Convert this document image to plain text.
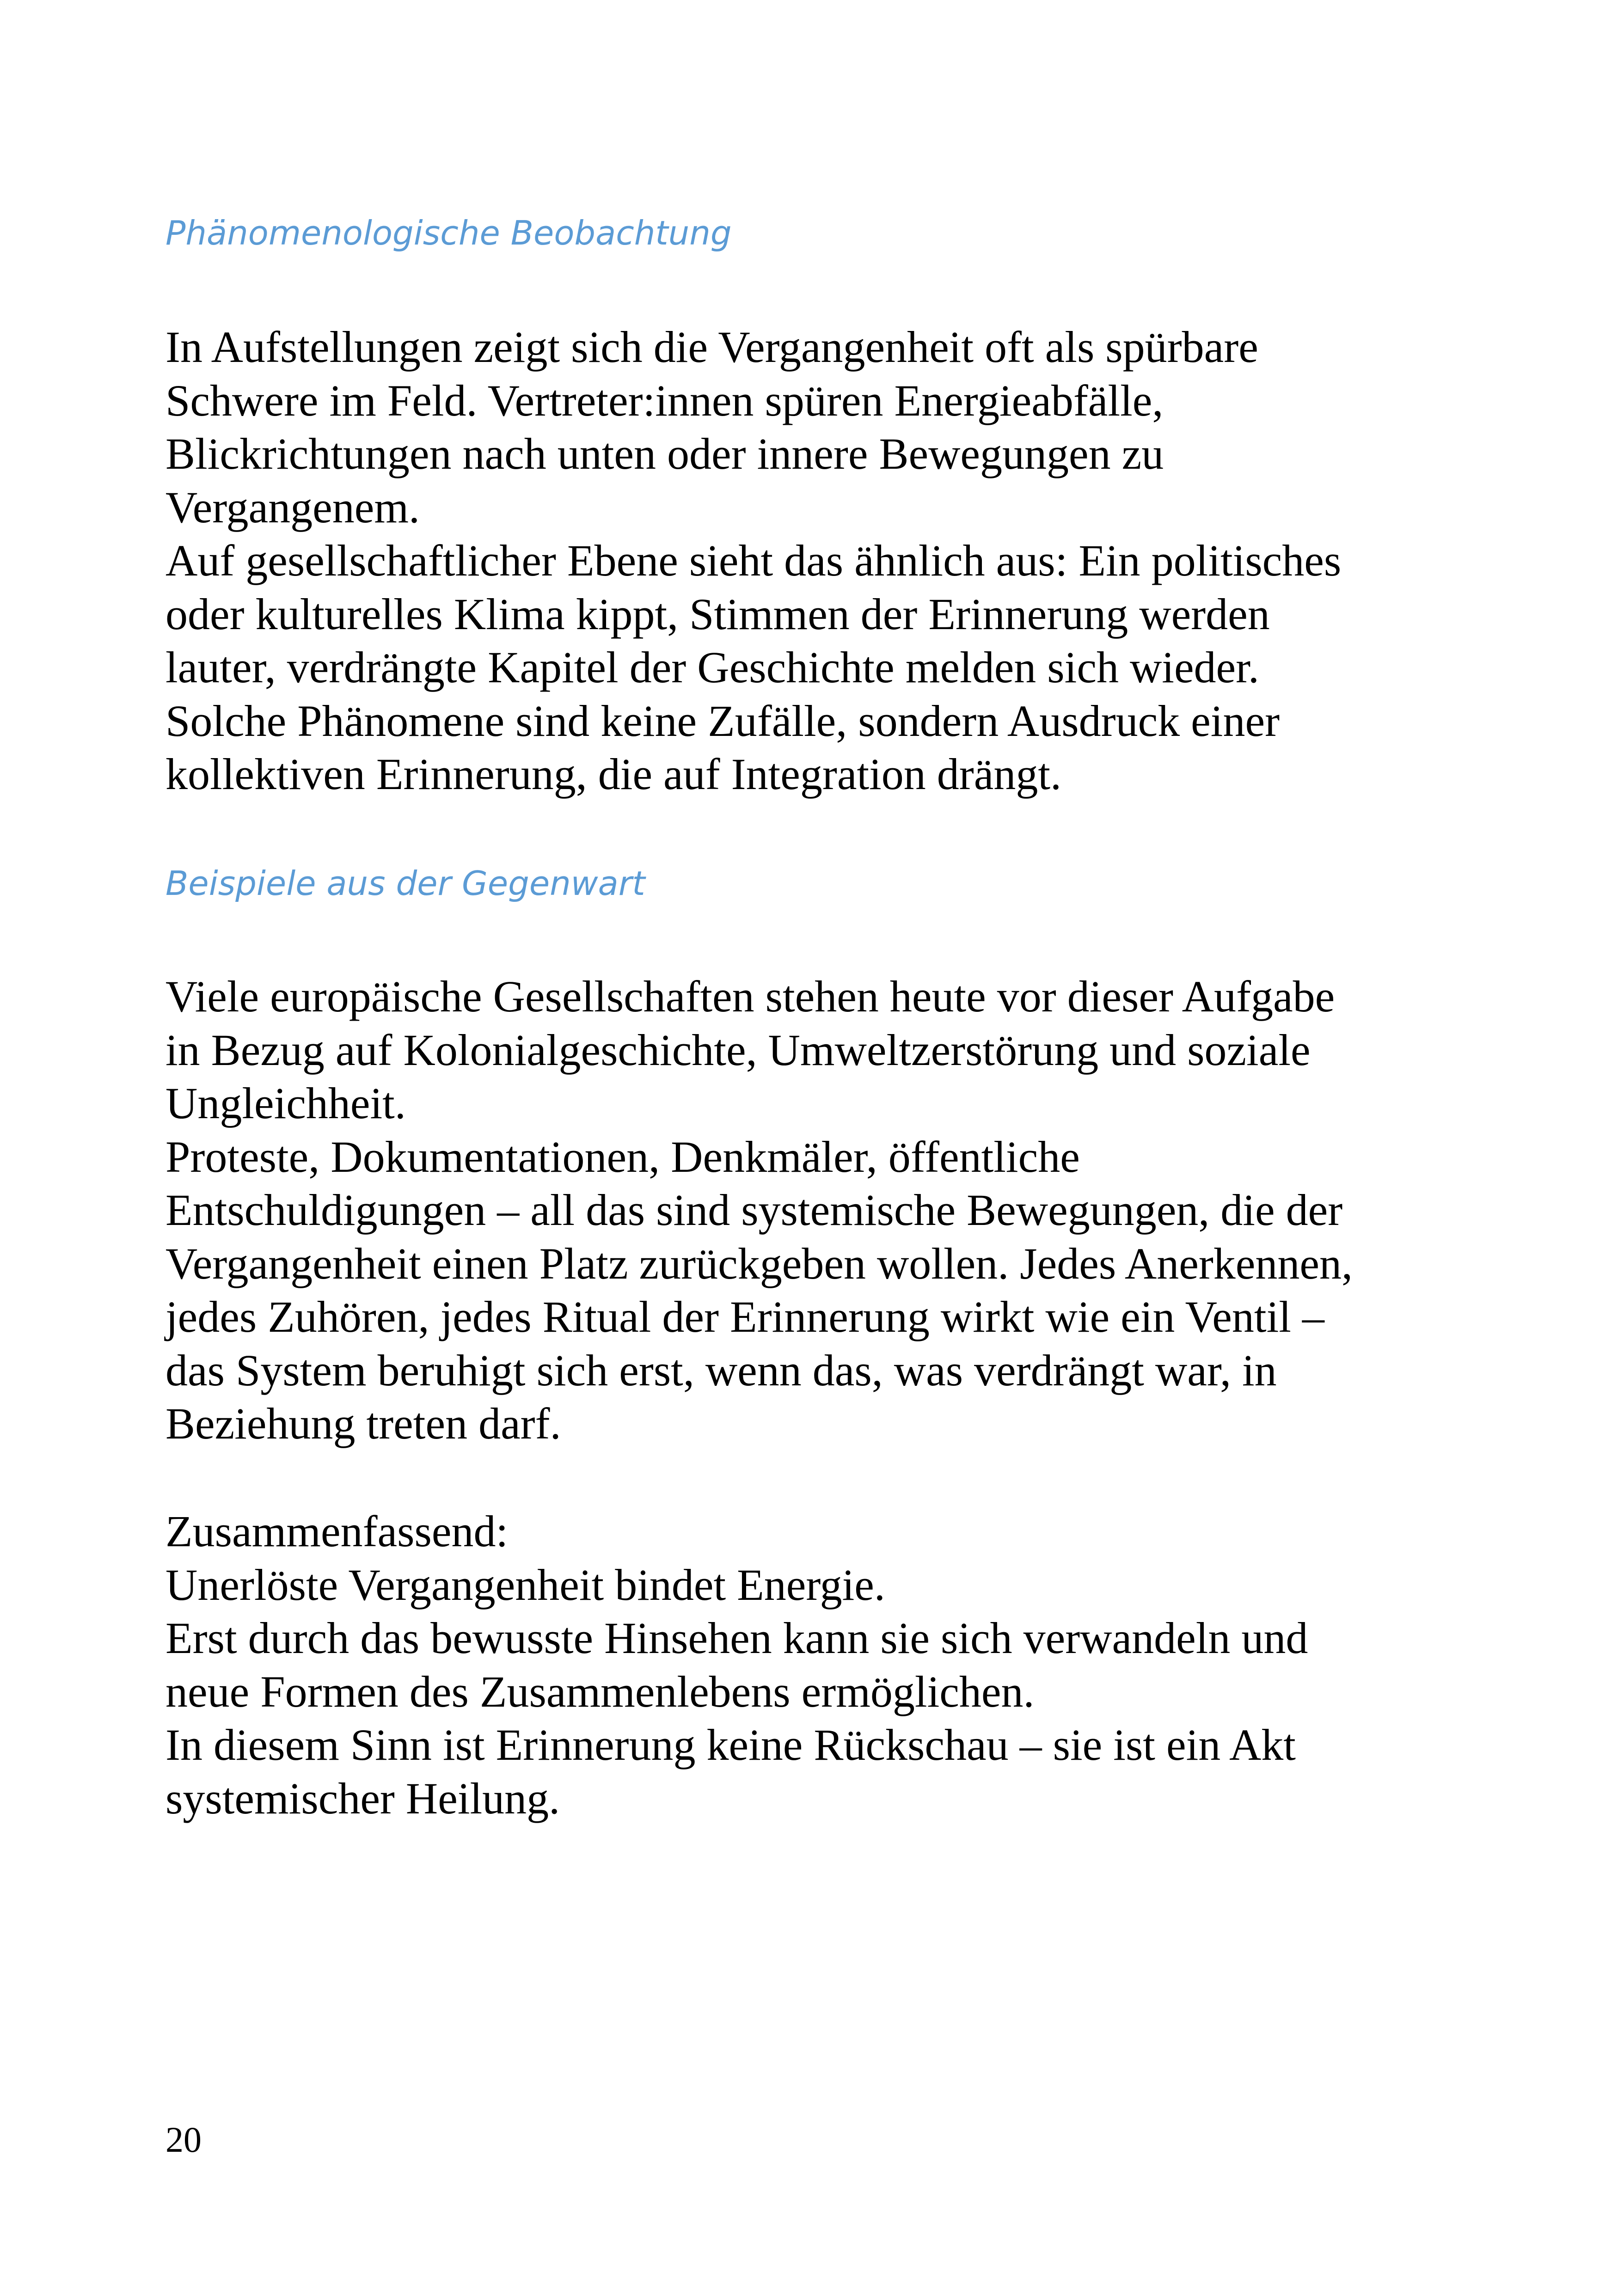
Phänomenologische Beobachtung
In Aufstellungen zeigt sich die Vergangenheit oft als spürbare
Schwere im Feld. Vertreter:innen spüren Energieabfälle,
Blickrichtungen nach unten oder innere Bewegungen zu
Vergangenem.
Auf gesellschaftlicher Ebene sieht das ähnlich aus: Ein politisches
oder kulturelles Klima kippt, Stimmen der Erinnerung werden
lauter, verdrängte Kapitel der Geschichte melden sich wieder.
Solche Phänomene sind keine Zufälle, sondern Ausdruck einer
kollektiven Erinnerung, die auf Integration drängt.
Beispiele aus der Gegenwart
Viele europäische Gesellschaften stehen heute vor dieser Aufgabe
in Bezug auf Kolonialgeschichte, Umweltzerstörung und soziale
Ungleichheit.
Proteste, Dokumentationen, Denkmäler, öffentliche
Entschuldigungen – all das sind systemische Bewegungen, die der
Vergangenheit einen Platz zurückgeben wollen. Jedes Anerkennen,
jedes Zuhören, jedes Ritual der Erinnerung wirkt wie ein Ventil –
das System beruhigt sich erst, wenn das, was verdrängt war, in
Beziehung treten darf.
Zusammenfassend:
Unerlöste Vergangenheit bindet Energie.
Erst durch das bewusste Hinsehen kann sie sich verwandeln und
neue Formen des Zusammenlebens ermöglichen.
In diesem Sinn ist Erinnerung keine Rückschau – sie ist ein Akt
systemischer Heilung.
20
